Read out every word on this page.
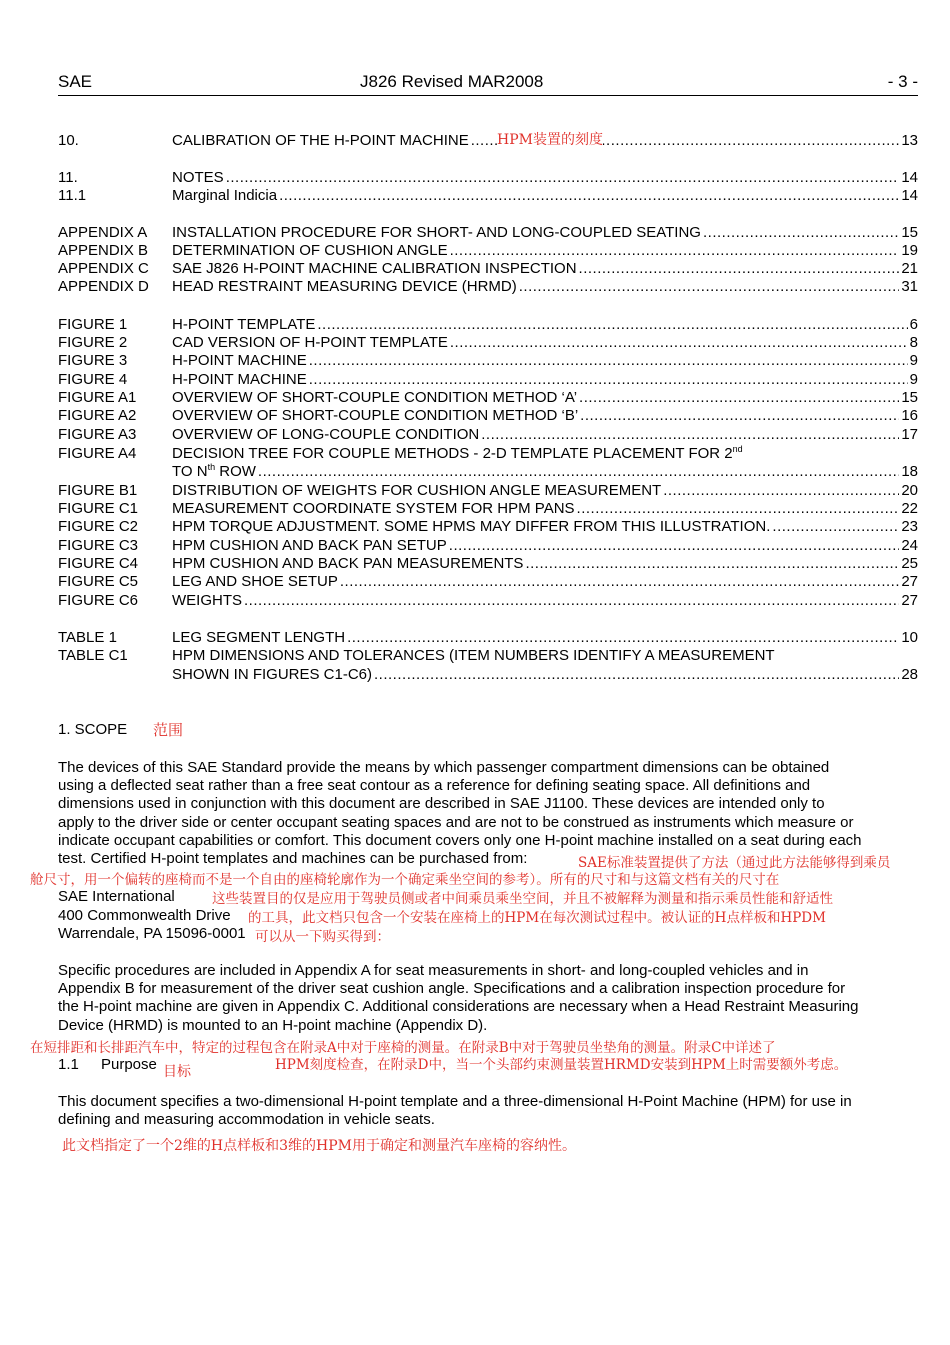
SAE	J826 Revised MAR2008	- 3 -
10.	CALIBRATION OF THE H-POINT MACHINE .....	13
HPM装置的刻度
11.	NOTES .....	14
11.1	Marginal Indicia .....	14
APPENDIX A	INSTALLATION PROCEDURE FOR SHORT- AND LONG-COUPLED SEATING .....	15
APPENDIX B	DETERMINATION OF CUSHION ANGLE .....	19
APPENDIX C	SAE J826 H-POINT MACHINE CALIBRATION INSPECTION .....	21
APPENDIX D	HEAD RESTRAINT MEASURING DEVICE (HRMD) .....	31
FIGURE 1	H-POINT TEMPLATE .....	6
FIGURE 2	CAD VERSION OF H-POINT TEMPLATE .....	8
FIGURE 3	H-POINT MACHINE .....	9
FIGURE 4	H-POINT MACHINE .....	9
FIGURE A1	OVERVIEW OF SHORT-COUPLE CONDITION METHOD ‘A’ .....	15
FIGURE A2	OVERVIEW OF SHORT-COUPLE CONDITION METHOD ‘B’ .....	16
FIGURE A3	OVERVIEW OF LONG-COUPLE CONDITION .....	17
FIGURE A4	DECISION TREE FOR COUPLE METHODS - 2-D TEMPLATE PLACEMENT FOR 2nd
TO $N^{th}$ ROW .....	18
FIGURE B1	DISTRIBUTION OF WEIGHTS FOR CUSHION ANGLE MEASUREMENT .....	20
FIGURE C1	MEASUREMENT COORDINATE SYSTEM FOR HPM PANS .....	22
FIGURE C2	HPM TORQUE ADJUSTMENT. SOME HPMS MAY DIFFER FROM THIS ILLUSTRATION. .....	23
FIGURE C3	HPM CUSHION AND BACK PAN SETUP .....	24
FIGURE C4	HPM CUSHION AND BACK PAN MEASUREMENTS .....	25
FIGURE C5	LEG AND SHOE SETUP .....	27
FIGURE C6	WEIGHTS .....	27
TABLE 1	LEG SEGMENT LENGTH .....	10
TABLE C1	HPM DIMENSIONS AND TOLERANCES (ITEM NUMBERS IDENTIFY A MEASUREMENT
SHOWN IN FIGURES C1-C6) .....	28
1. SCOPE 范围
The devices of this SAE Standard provide the means by which passenger compartment dimensions can be obtained
using a deflected seat rather than a free seat contour as a reference for defining seating space. All definitions and
dimensions used in conjunction with this document are described in SAE J1100. These devices are intended only to
apply to the driver side or center occupant seating spaces and are not to be construed as instruments which measure or
indicate occupant capabilities or comfort. This document covers only one H-point machine installed on a seat during each
test. Certified H-point templates and machines can be purchased from:
SAE International
400 Commonwealth Drive
Warrendale, PA 15096-0001
SAE标准装置提供了方法（通过此方法能够得到乘员
舱尺寸，用一个偏转的座椅而不是一个自由的座椅轮廓作为一个确定乘坐空间的参考）。所有的尺寸和与这篇文档有关的尺寸在
这些装置目的仅是应用于驾驶员侧或者中间乘员乘坐空间，并且不被解释为测量和指示乘员性能和舒适性
的工具，此文档只包含一个安装在座椅上的HPM在每次测试过程中。被认证的H点样板和HPDM
可以从一下购买得到：
Specific procedures are included in Appendix A for seat measurements in short- and long-coupled vehicles and in
Appendix B for measurement of the driver seat cushion angle. Specifications and a calibration inspection procedure for
the H-point machine are given in Appendix C. Additional considerations are necessary when a Head Restraint Measuring
Device (HRMD) is mounted to an H-point machine (Appendix D).
在短排距和长排距汽车中，特定的过程包含在附录A中对于座椅的测量。在附录B中对于驾驶员坐垫角的测量。附录C中详述了
HPM刻度检查，在附录D中，当一个头部约束测量装置HRMD安装到HPM上时需要额外考虑。
1.1 Purpose 目标
This document specifies a two-dimensional H-point template and a three-dimensional H-Point Machine (HPM) for use in
defining and measuring accommodation in vehicle seats.
此文档指定了一个2维的H点样板和3维的HPM用于确定和测量汽车座椅的容纳性。
